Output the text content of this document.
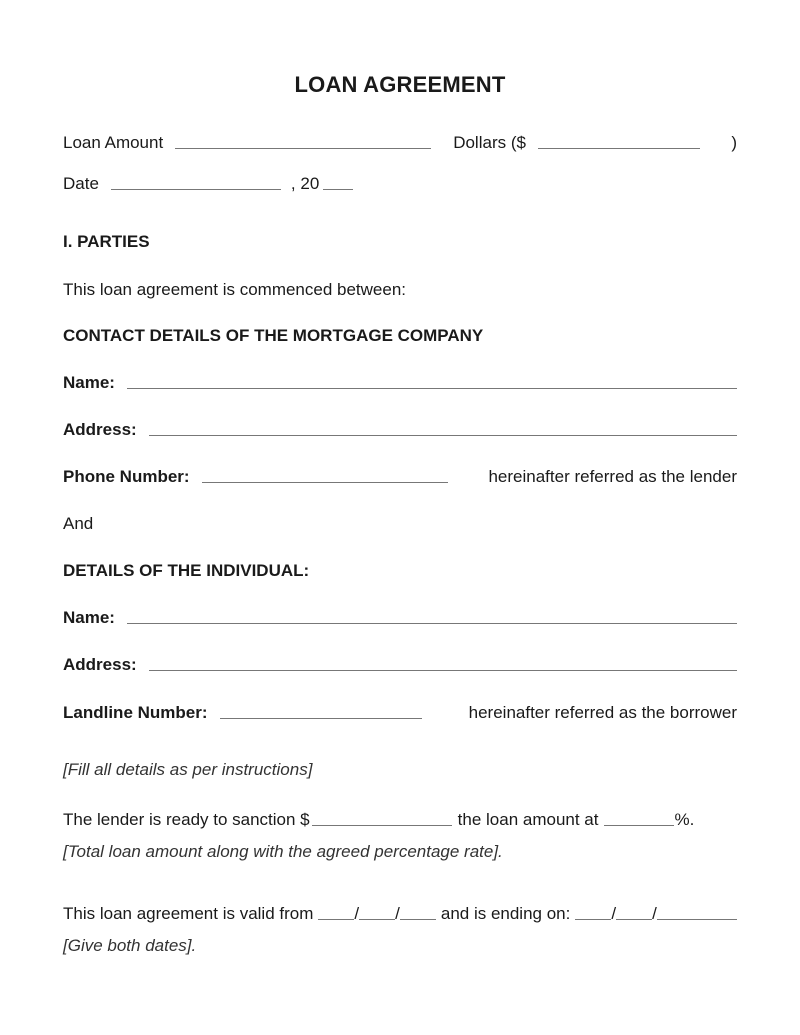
LOAN AGREEMENT
Loan Amount	Dollars ($	)
Date	, 20
I. PARTIES
This loan agreement is commenced between:
CONTACT DETAILS OF THE MORTGAGE COMPANY
Name:
Address:
Phone Number:	hereinafter referred as the lender
And
DETAILS OF THE INDIVIDUAL:
Name:
Address:
Landline Number:	hereinafter referred as the borrower
[Fill all details as per instructions]
The lender is ready to sanction $	the loan amount at	%.
[Total loan amount along with the agreed percentage rate].
This loan agreement is valid from / / and is ending on: / /
[Give both dates].
